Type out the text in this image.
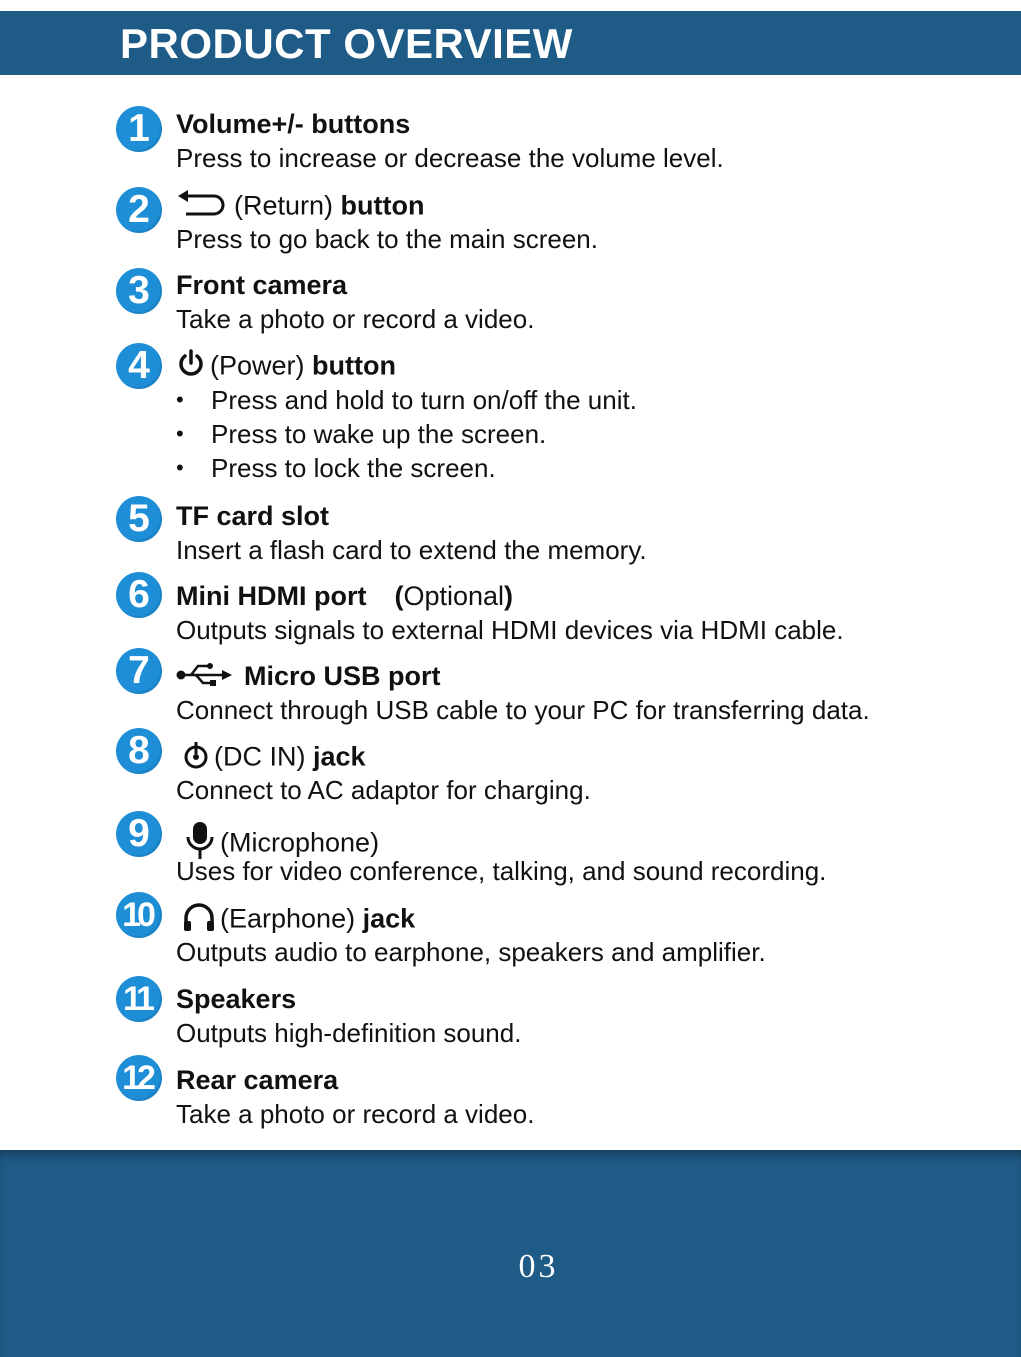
PRODUCT OVERVIEW
1	Volume+/- buttons
Press to increase or decrease the volume level.
2	(Return) button
Press to go back to the main screen.
3	Front camera
Take a photo or record a video.
4	(Power) button
• Press and hold to turn on/off the unit.
• Press to wake up the screen.
• Press to lock the screen.
5	TF card slot
Insert a flash card to extend the memory.
6	Mini HDMI port (Optional)
Outputs signals to external HDMI devices via HDMI cable.
7	Micro USB port
Connect through USB cable to your PC for transferring data.
8	(DC IN) jack
Connect to AC adaptor for charging.
9	(Microphone)
Uses for video conference, talking, and sound recording.
10	(Earphone) jack
Outputs audio to earphone, speakers and amplifier.
11 Speakers
Outputs high-definition sound.
12 Rear camera
Take a photo or record a video.
03
